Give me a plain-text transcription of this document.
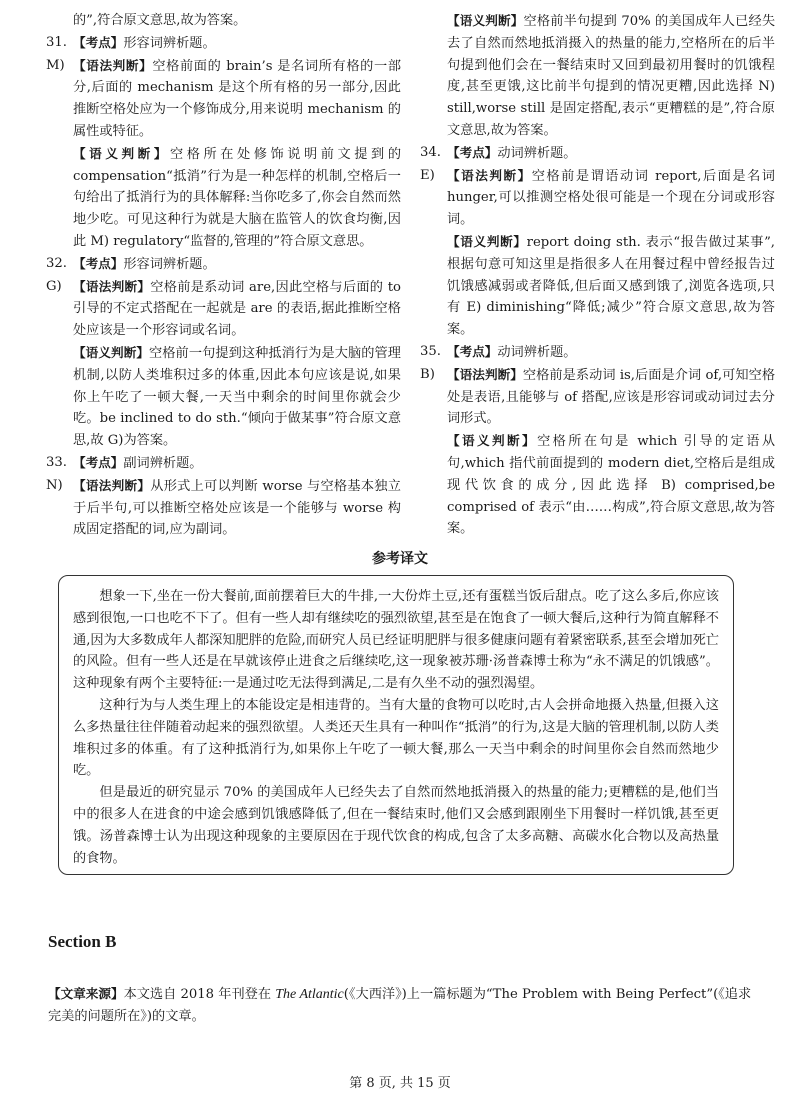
的”,符合原文意思,故为答案。

31. 【考点】形容词辨析题。

M) 【语法判断】空格前面的 brain’s 是名词所有格的一部分,后面的 mechanism 是这个所有格的另一部分,因此推断空格处应为一个修饰成分,用来说明 mechanism 的属性或特征。

【语义判断】空格所在处修饰说明前文提到的 compensation“抵消”行为是一种怎样的机制,空格后一句给出了抵消行为的具体解释:当你吃多了,你会自然而然地少吃。可见这种行为就是大脑在监管人的饮食均衡,因此 M) regulatory“监督的,管理的”符合原文意思。

32. 【考点】形容词辨析题。

G) 【语法判断】空格前是系动词 are,因此空格与后面的 to 引导的不定式搭配在一起就是 are 的表语,据此推断空格处应该是一个形容词或名词。

【语义判断】空格前一句提到这种抵消行为是大脑的管理机制,以防人类堆积过多的体重,因此本句应该是说,如果你上午吃了一顿大餐,一天当中剩余的时间里你就会少吃。be inclined to do sth.“倾向于做某事”符合原文意思,故 G)为答案。

33. 【考点】副词辨析题。

N) 【语法判断】从形式上可以判断 worse 与空格基本独立于后半句,可以推断空格处应该是一个能够与 worse 构成固定搭配的词,应为副词。

【语义判断】空格前半句提到 70% 的美国成年人已经失去了自然而然地抵消摄入的热量的能力,空格所在的后半句提到他们会在一餐结束时又回到最初用餐时的饥饿程度,甚至更饿,这比前半句提到的情况更糟,因此选择 N) still,worse still 是固定搭配,表示“更糟糕的是”,符合原文意思,故为答案。

34. 【考点】动词辨析题。

E) 【语法判断】空格前是谓语动词 report,后面是名词 hunger,可以推测空格处很可能是一个现在分词或形容词。

【语义判断】report doing sth. 表示“报告做过某事”,根据句意可知这里是指很多人在用餐过程中曾经报告过饥饿感减弱或者降低,但后面又感到饿了,浏览各选项,只有 E) diminishing“降低;减少”符合原文意思,故为答案。

35. 【考点】动词辨析题。

B) 【语法判断】空格前是系动词 is,后面是介词 of,可知空格处是表语,且能够与 of 搭配,应该是形容词或动词过去分词形式。

【语义判断】空格所在句是 which 引导的定语从句,which 指代前面提到的 modern diet,空格后是组成现代饮食的成分,因此选择 B) comprised,be comprised of 表示“由……构成”,符合原文意思,故为答案。

参考译文

想象一下,坐在一份大餐前,面前摆着巨大的牛排,一大份炸土豆,还有蛋糕当饭后甜点。吃了这么多后,你应该感到很饱,一口也吃不下了。但有一些人却有继续吃的强烈欲望,甚至是在饱食了一顿大餐后,这种行为简直解释不通,因为大多数成年人都深知肥胖的危险,而研究人员已经证明肥胖与很多健康问题有着紧密联系,甚至会增加死亡的风险。但有一些人还是在早就该停止进食之后继续吃,这一现象被苏珊·汤普森博士称为“永不满足的饥饿感”。这种现象有两个主要特征:一是通过吃无法得到满足,二是有久坐不动的强烈渴望。

这种行为与人类生理上的本能设定是相违背的。当有大量的食物可以吃时,古人会拼命地摄入热量,但摄入这么多热量往往伴随着动起来的强烈欲望。人类还天生具有一种叫作“抵消”的行为,这是大脑的管理机制,以防人类堆积过多的体重。有了这种抵消行为,如果你上午吃了一顿大餐,那么一天当中剩余的时间里你会自然而然地少吃。

但是最近的研究显示 70% 的美国成年人已经失去了自然而然地抵消摄入的热量的能力;更糟糕的是,他们当中的很多人在进食的中途会感到饥饿感降低了,但在一餐结束时,他们又会感到跟刚坐下用餐时一样饥饿,甚至更饿。汤普森博士认为出现这种现象的主要原因在于现代饮食的构成,包含了太多高糖、高碳水化合物以及高热量的食物。

Section B
【文章来源】本文选自 2018 年刊登在 The Atlantic(《大西洋》)上一篇标题为“The Problem with Being Perfect”(《追求完美的问题所在》)的文章。
第 8 页, 共 15 页
